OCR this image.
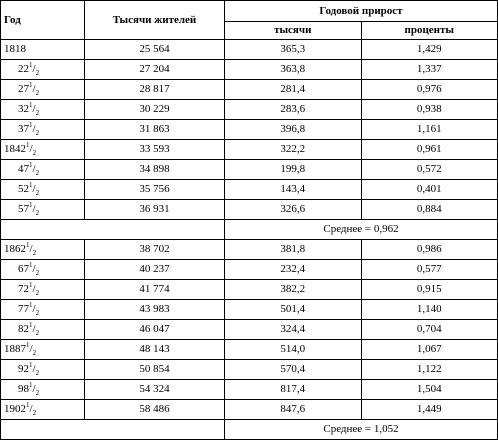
Год	Тысячи жителей	Годовой прирост	
		тысячи	проценты
1818	25 564	365,3	1,429
$22^1/_2$	27 204	363,8	1,337
$27^1/_2$	28 817	281,4	0,976
$32^1/_2$	30 229	283,6	0,938
$37^1/_2$	31 863	396,8	1,161
$1842^1/_2$	33 593	322,2	0,961
$47^1/_2$	34 898	199,8	0,572
$52^1/_2$	35 756	143,4	0,401
$57^1/_2$	36 931	326,6	0,884
		Среднее = 0,962	
$1862^1/_2$	38 702	381,8	0,986
$67^1/_2$	40 237	232,4	0,577
$72^1/_2$	41 774	382,2	0,915
$77^1/_2$	43 983	501,4	1,140
$82^1/_2$	46 047	324,4	0,704
$1887^1/_2$	48 143	514,0	1,067
$92^1/_2$	50 854	570,4	1,122
$98^1/_2$	54 324	817,4	1,504
$1902^1/_2$	58 486	847,6	1,449
		Среднее = 1,052	
